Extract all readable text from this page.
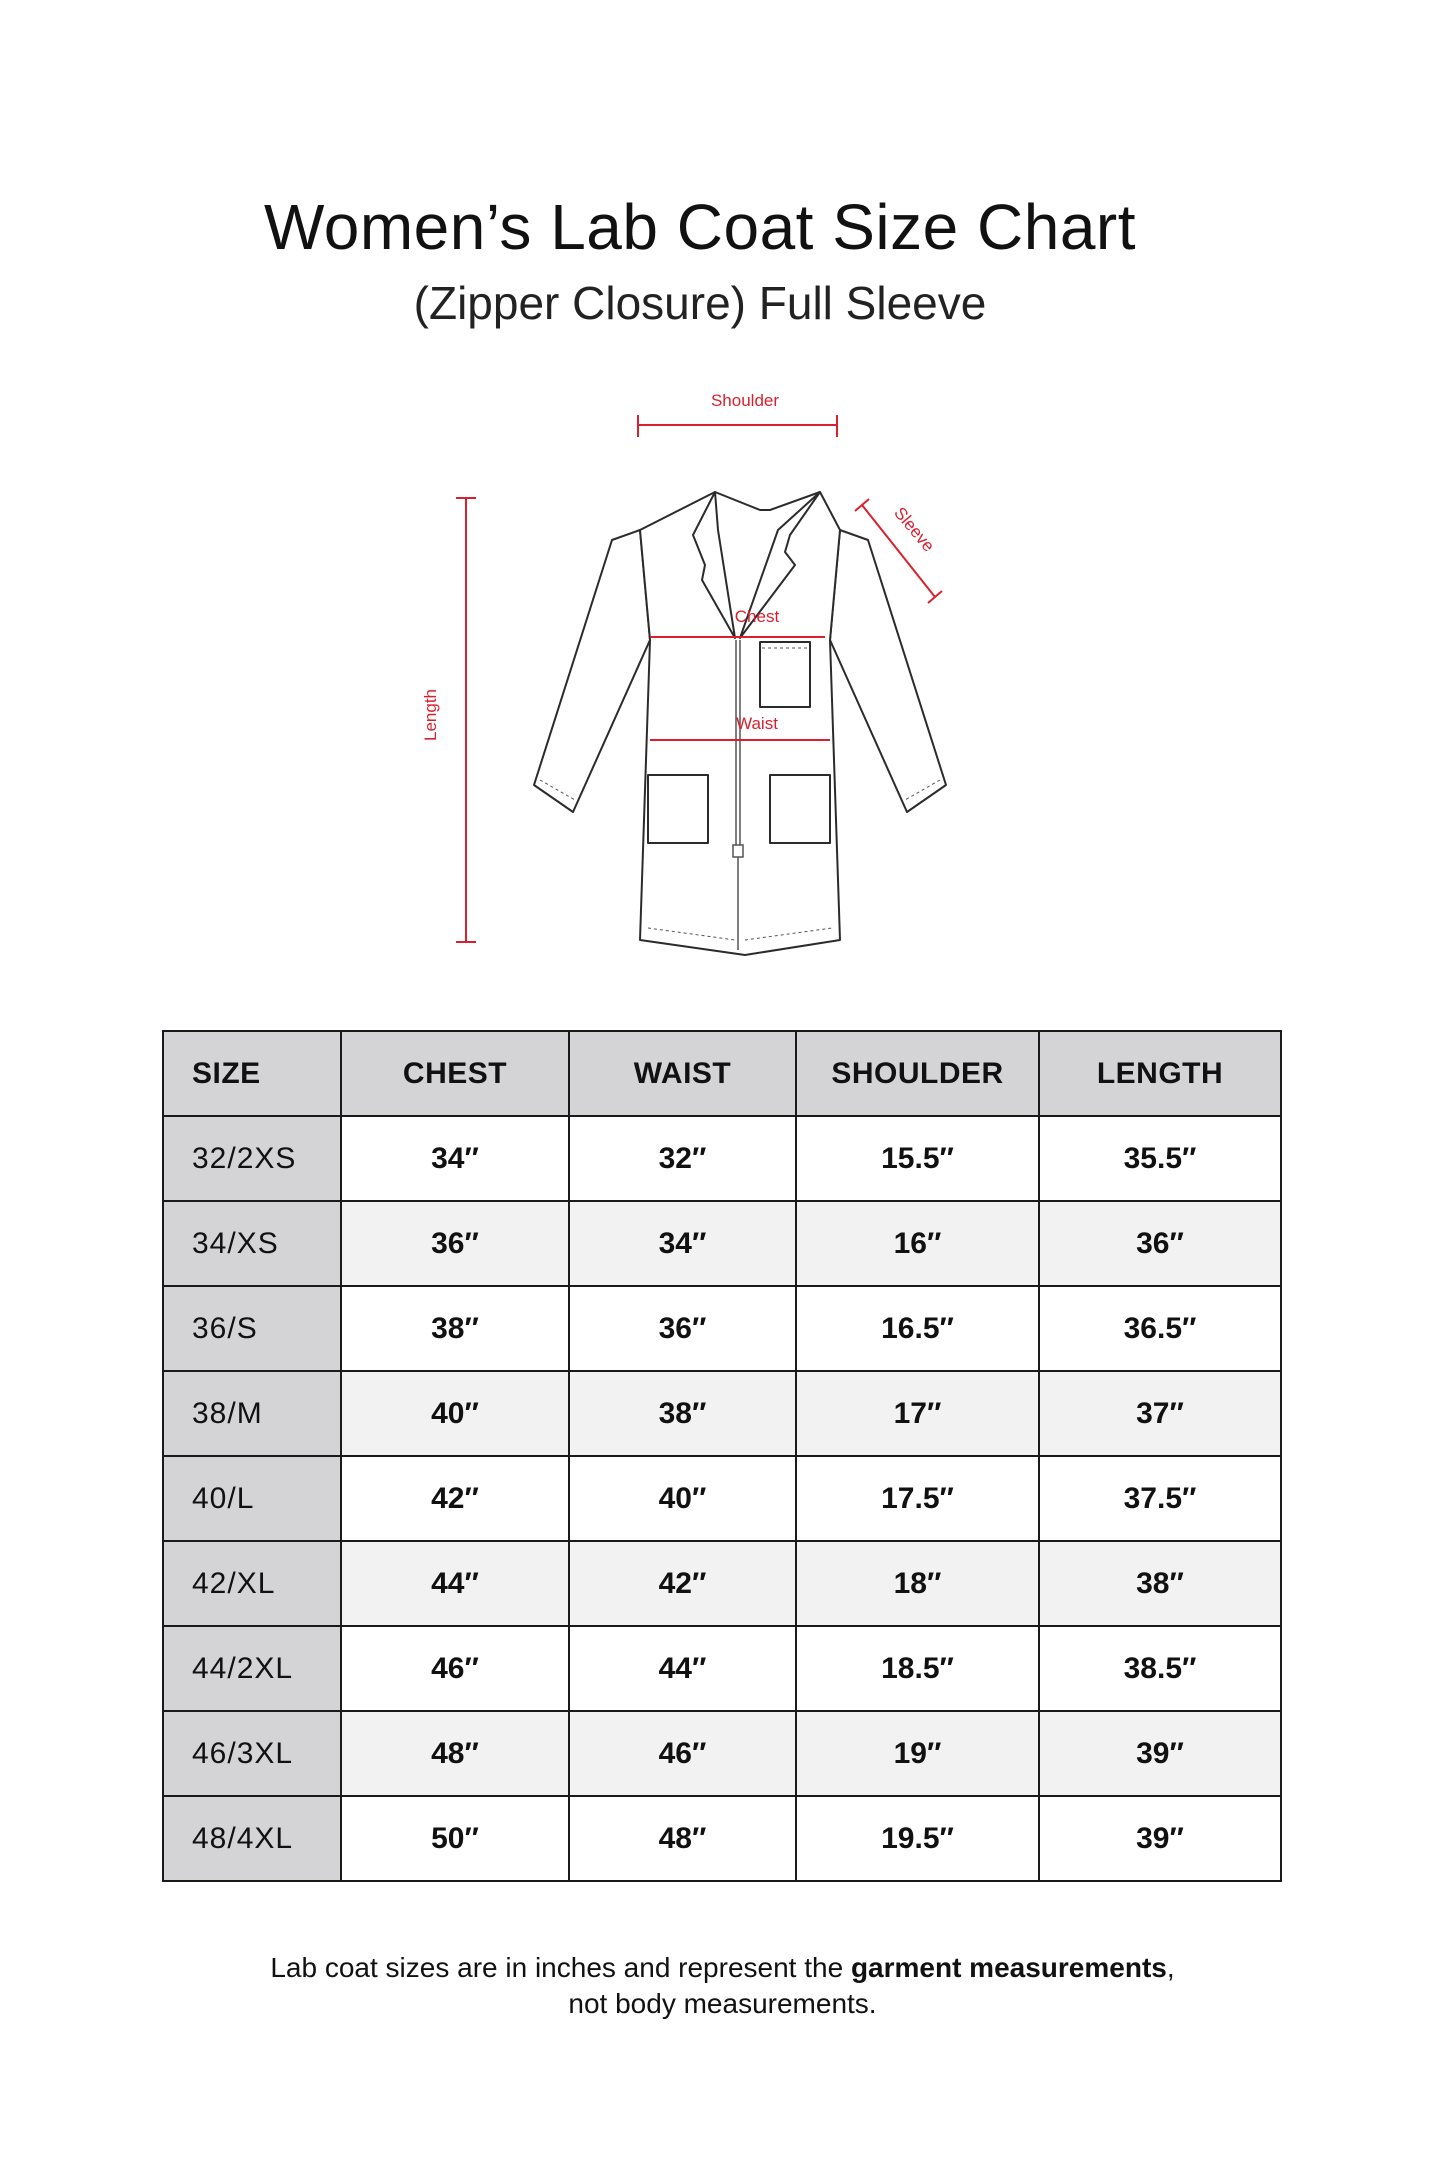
Women’s Lab Coat Size Chart
(Zipper Closure) Full Sleeve
Shoulder
Sleeve
Chest
Waist
Length
SIZE	CHEST	WAIST	SHOULDER	LENGTH
32/2XS	34″	32″	15.5″	35.5″
34/XS	36″	34″	16″	36″
36/S	38″	36″	16.5″	36.5″
38/M	40″	38″	17″	37″
40/L	42″	40″	17.5″	37.5″
42/XL	44″	42″	18″	38″
44/2XL	46″	44″	18.5″	38.5″
46/3XL	48″	46″	19″	39″
48/4XL	50″	48″	19.5″	39″
Lab coat sizes are in inches and represent the garment measurements,
not body measurements.
